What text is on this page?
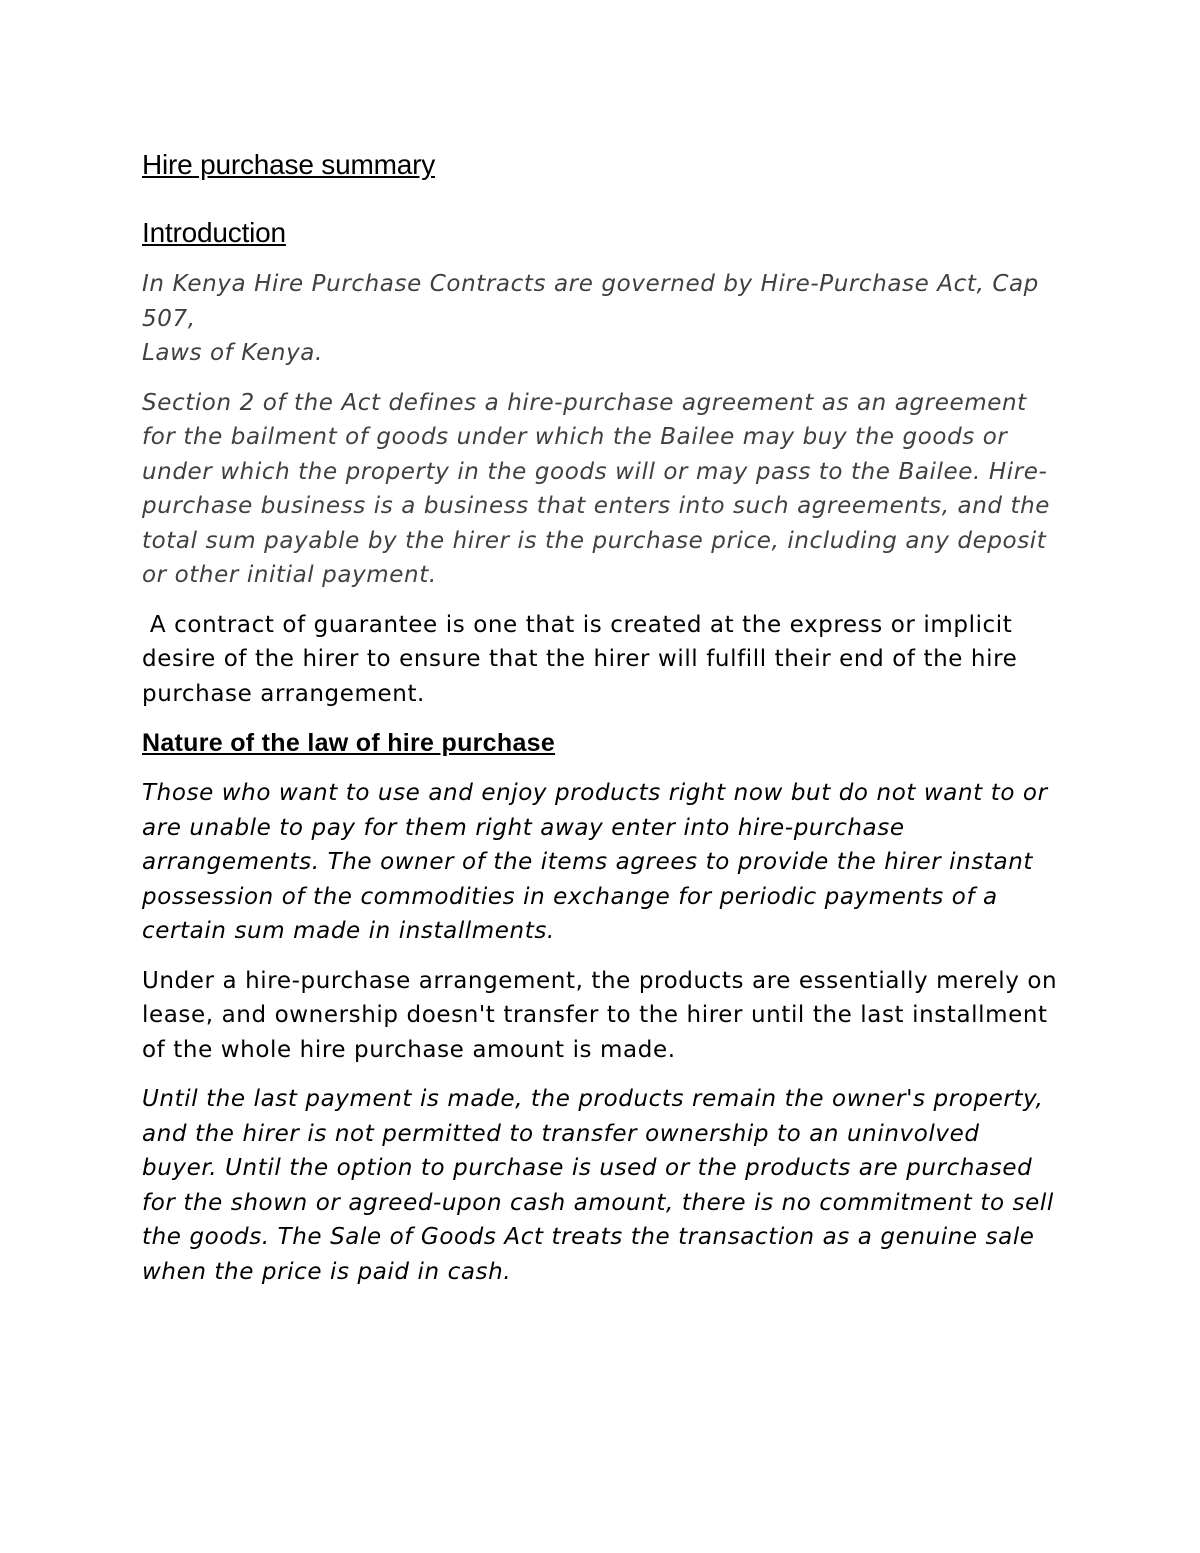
Hire purchase summary
Introduction

In Kenya Hire Purchase Contracts are governed by Hire-Purchase Act, Cap 507,
Laws of Kenya.

Section 2 of the Act defines a hire-purchase agreement as an agreement for the bailment of goods under which the Bailee may buy the goods or under which the property in the goods will or may pass to the Bailee. Hire-purchase business is a business that enters into such agreements, and the total sum payable by the hirer is the purchase price, including any deposit or other initial payment.

A contract of guarantee is one that is created at the express or implicit desire of the hirer to ensure that the hirer will fulfill their end of the hire purchase arrangement.

Nature of the law of hire purchase

Those who want to use and enjoy products right now but do not want to or are unable to pay for them right away enter into hire-purchase arrangements. The owner of the items agrees to provide the hirer instant possession of the commodities in exchange for periodic payments of a certain sum made in installments.

Under a hire-purchase arrangement, the products are essentially merely on lease, and ownership doesn't transfer to the hirer until the last installment of the whole hire purchase amount is made.

Until the last payment is made, the products remain the owner's property, and the hirer is not permitted to transfer ownership to an uninvolved buyer. Until the option to purchase is used or the products are purchased for the shown or agreed-upon cash amount, there is no commitment to sell the goods. The Sale of Goods Act treats the transaction as a genuine sale when the price is paid in cash.
